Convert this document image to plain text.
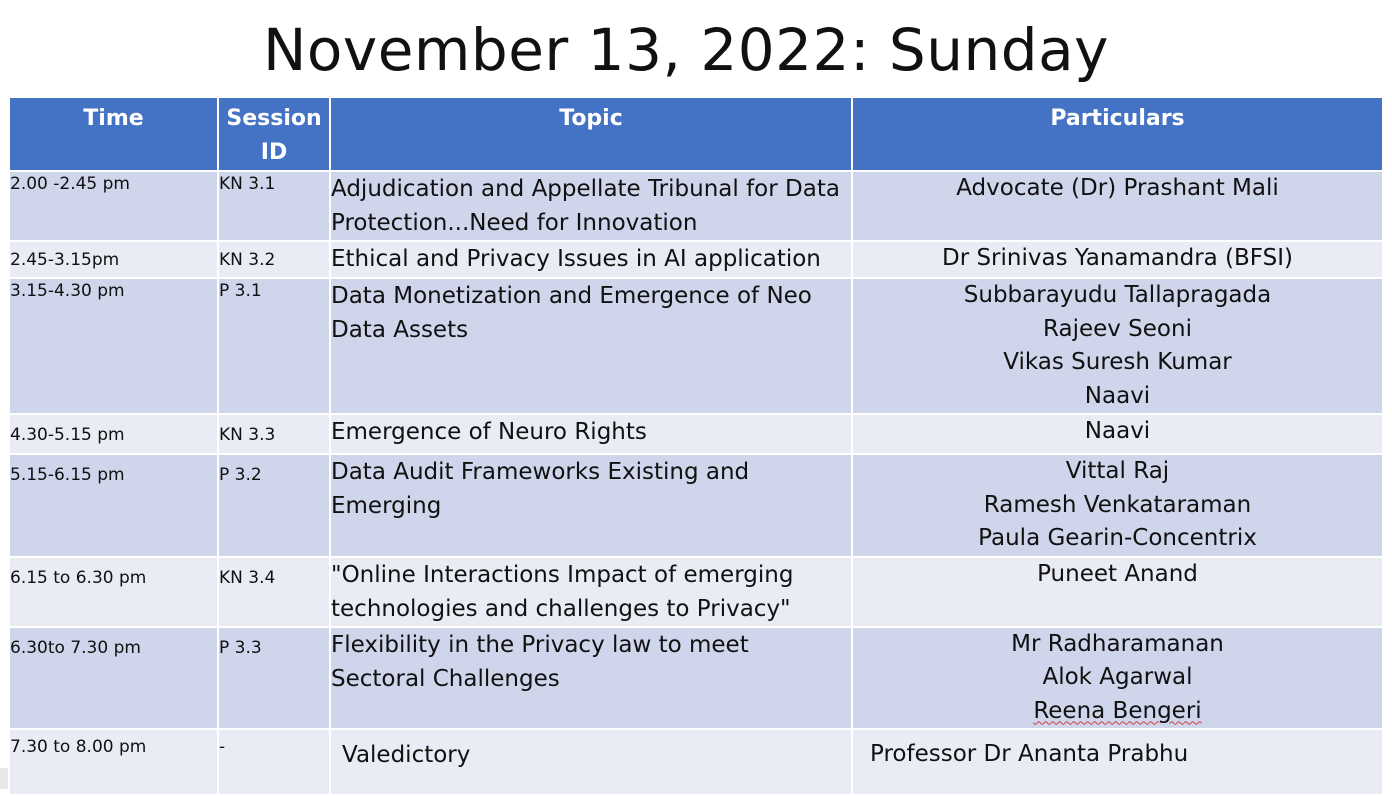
November 13, 2022: Sunday
Time	Session
ID	Topic	Particulars
2.00 -2.45 pm	KN 3.1	Adjudication and Appellate Tribunal for Data
Protection...Need for Innovation	Advocate (Dr) Prashant Mali

2.45-3.15pm	KN 3.2	Ethical and Privacy Issues in AI application	Dr Srinivas Yanamandra (BFSI)

3.15-4.30 pm	P 3.1	Data Monetization and Emergence of Neo
Data Assets	Subbarayudu Tallapragada
Rajeev Seoni
Vikas Suresh Kumar
Naavi

4.30-5.15 pm	KN 3.3	Emergence of Neuro Rights	Naavi

5.15-6.15 pm	P 3.2	Data Audit Frameworks Existing and
Emerging	Vittal Raj
Ramesh Venkataraman
Paula Gearin-Concentrix

6.15 to 6.30 pm	KN 3.4	"Online Interactions Impact of emerging
technologies and challenges to Privacy"	Puneet Anand

6.30to 7.30 pm	P 3.3	Flexibility in the Privacy law to meet
Sectoral Challenges	Mr Radharamanan
Alok Agarwal
Reena Bengeri

7.30 to 8.00 pm	-	Valedictory	Professor Dr Ananta Prabhu
